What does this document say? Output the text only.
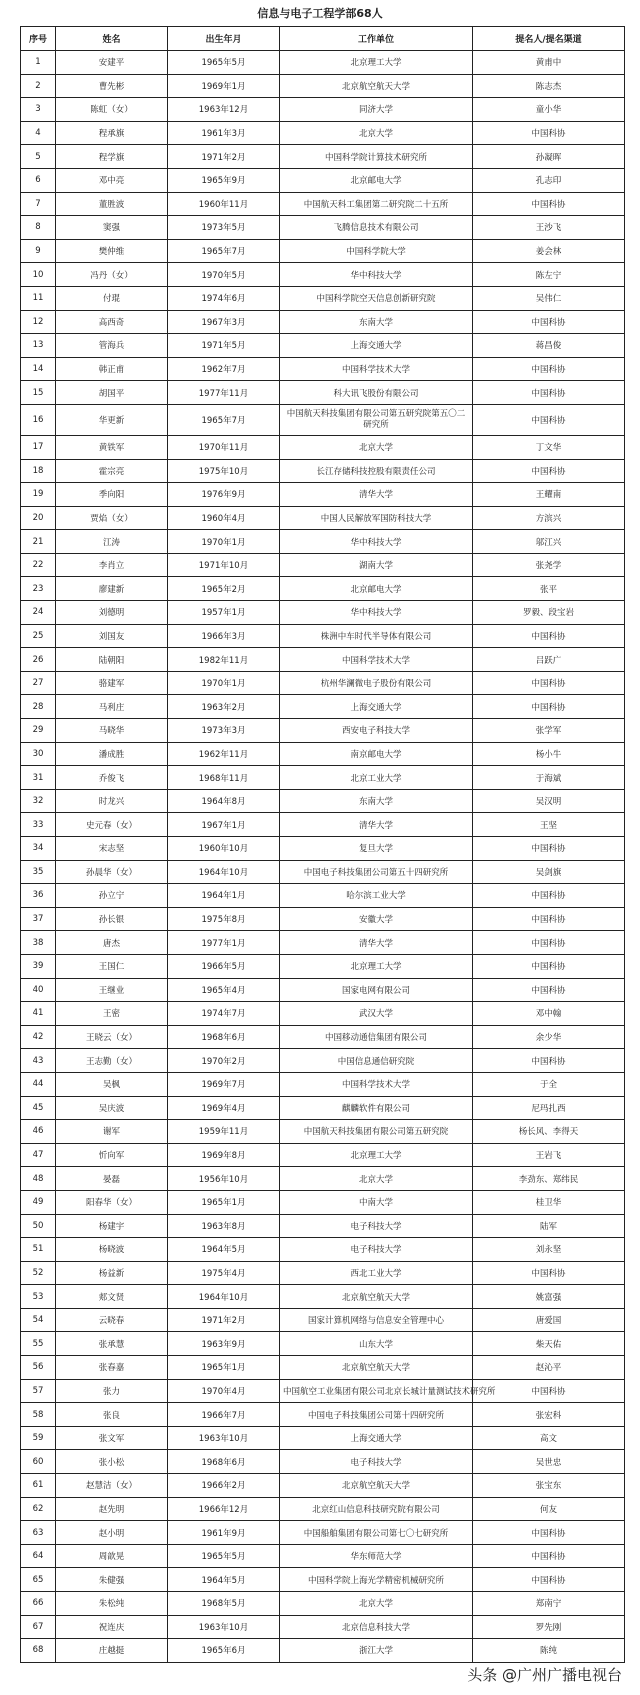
信息与电子工程学部68人
序号	姓名	出生年月	工作单位	提名人/提名渠道
1	安建平	1965年5月	北京理工大学	黄甫中
2	曹先彬	1969年1月	北京航空航天大学	陈志杰
3	陈虹（女）	1963年12月	同济大学	童小华
4	程承旗	1961年3月	北京大学	中国科协
5	程学旗	1971年2月	中国科学院计算技术研究所	孙凝晖
6	邓中亮	1965年9月	北京邮电大学	孔志印
7	董胜波	1960年11月	中国航天科工集团第二研究院二十五所	中国科协
8	窦强	1973年5月	飞腾信息技术有限公司	王沙飞
9	樊仲维	1965年7月	中国科学院大学	姜会林
10	冯丹（女）	1970年5月	华中科技大学	陈左宁
11	付琨	1974年6月	中国科学院空天信息创新研究院	吴伟仁
12	高西奇	1967年3月	东南大学	中国科协
13	管海兵	1971年5月	上海交通大学	蒋昌俊
14	韩正甫	1962年7月	中国科学技术大学	中国科协
15	胡国平	1977年11月	科大讯飞股份有限公司	中国科协
16	华更新	1965年7月	中国航天科技集团有限公司第五研究院第五〇二研究所	中国科协
17	黄铁军	1970年11月	北京大学	丁文华
18	霍宗亮	1975年10月	长江存储科技控股有限责任公司	中国科协
19	季向阳	1976年9月	清华大学	王耀南
20	贾焰（女）	1960年4月	中国人民解放军国防科技大学	方滨兴
21	江涛	1970年1月	华中科技大学	邬江兴
22	李肖立	1971年10月	湖南大学	张尧学
23	廖建新	1965年2月	北京邮电大学	张平
24	刘德明	1957年1月	华中科技大学	罗毅、段宝岩
25	刘国友	1966年3月	株洲中车时代半导体有限公司	中国科协
26	陆朝阳	1982年11月	中国科学技术大学	吕跃广
27	骆建军	1970年1月	杭州华澜微电子股份有限公司	中国科协
28	马利庄	1963年2月	上海交通大学	中国科协
29	马晓华	1973年3月	西安电子科技大学	张学军
30	潘成胜	1962年11月	南京邮电大学	杨小牛
31	乔俊飞	1968年11月	北京工业大学	于海斌
32	时龙兴	1964年8月	东南大学	吴汉明
33	史元春（女）	1967年1月	清华大学	王坚
34	宋志坚	1960年10月	复旦大学	中国科协
35	孙晨华（女）	1964年10月	中国电子科技集团公司第五十四研究所	吴剑旗
36	孙立宁	1964年1月	哈尔滨工业大学	中国科协
37	孙长银	1975年8月	安徽大学	中国科协
38	唐杰	1977年1月	清华大学	中国科协
39	王国仁	1966年5月	北京理工大学	中国科协
40	王继业	1965年4月	国家电网有限公司	中国科协
41	王密	1974年7月	武汉大学	邓中翰
42	王晓云（女）	1968年6月	中国移动通信集团有限公司	余少华
43	王志勤（女）	1970年2月	中国信息通信研究院	中国科协
44	吴枫	1969年7月	中国科学技术大学	于全
45	吴庆波	1969年4月	麒麟软件有限公司	尼玛扎西
46	谢军	1959年11月	中国航天科技集团有限公司第五研究院	杨长风、李得天
47	忻向军	1969年8月	北京理工大学	王岩飞
48	晏磊	1956年10月	北京大学	李劲东、郑纬民
49	阳春华（女）	1965年1月	中南大学	桂卫华
50	杨建宇	1963年8月	电子科技大学	陆军
51	杨晓波	1964年5月	电子科技大学	刘永坚
52	杨益新	1975年4月	西北工业大学	中国科协
53	郏文贤	1964年10月	北京航空航天大学	姚富强
54	云晓春	1971年2月	国家计算机网络与信息安全管理中心	唐爱国
55	张承慧	1963年9月	山东大学	柴天佑
56	张春嘉	1965年1月	北京航空航天大学	赵沁平
57	张力	1970年4月	中国航空工业集团有限公司北京长城计量测试技术研究所	中国科协
58	张良	1966年7月	中国电子科技集团公司第十四研究所	张宏科
59	张文军	1963年10月	上海交通大学	高文
60	张小松	1968年6月	电子科技大学	吴世忠
61	赵慧洁（女）	1966年2月	北京航空航天大学	张宝东
62	赵先明	1966年12月	北京红山信息科技研究院有限公司	何友
63	赵小明	1961年9月	中国船舶集团有限公司第七〇七研究所	中国科协
64	周歆晃	1965年5月	华东师范大学	中国科协
65	朱健强	1964年5月	中国科学院上海光学精密机械研究所	中国科协
66	朱松纯	1968年5月	北京大学	郑南宁
67	祝连庆	1963年10月	北京信息科技大学	罗先刚
68	庄越挺	1965年6月	浙江大学	陈纯
头条 @广州广播电视台
